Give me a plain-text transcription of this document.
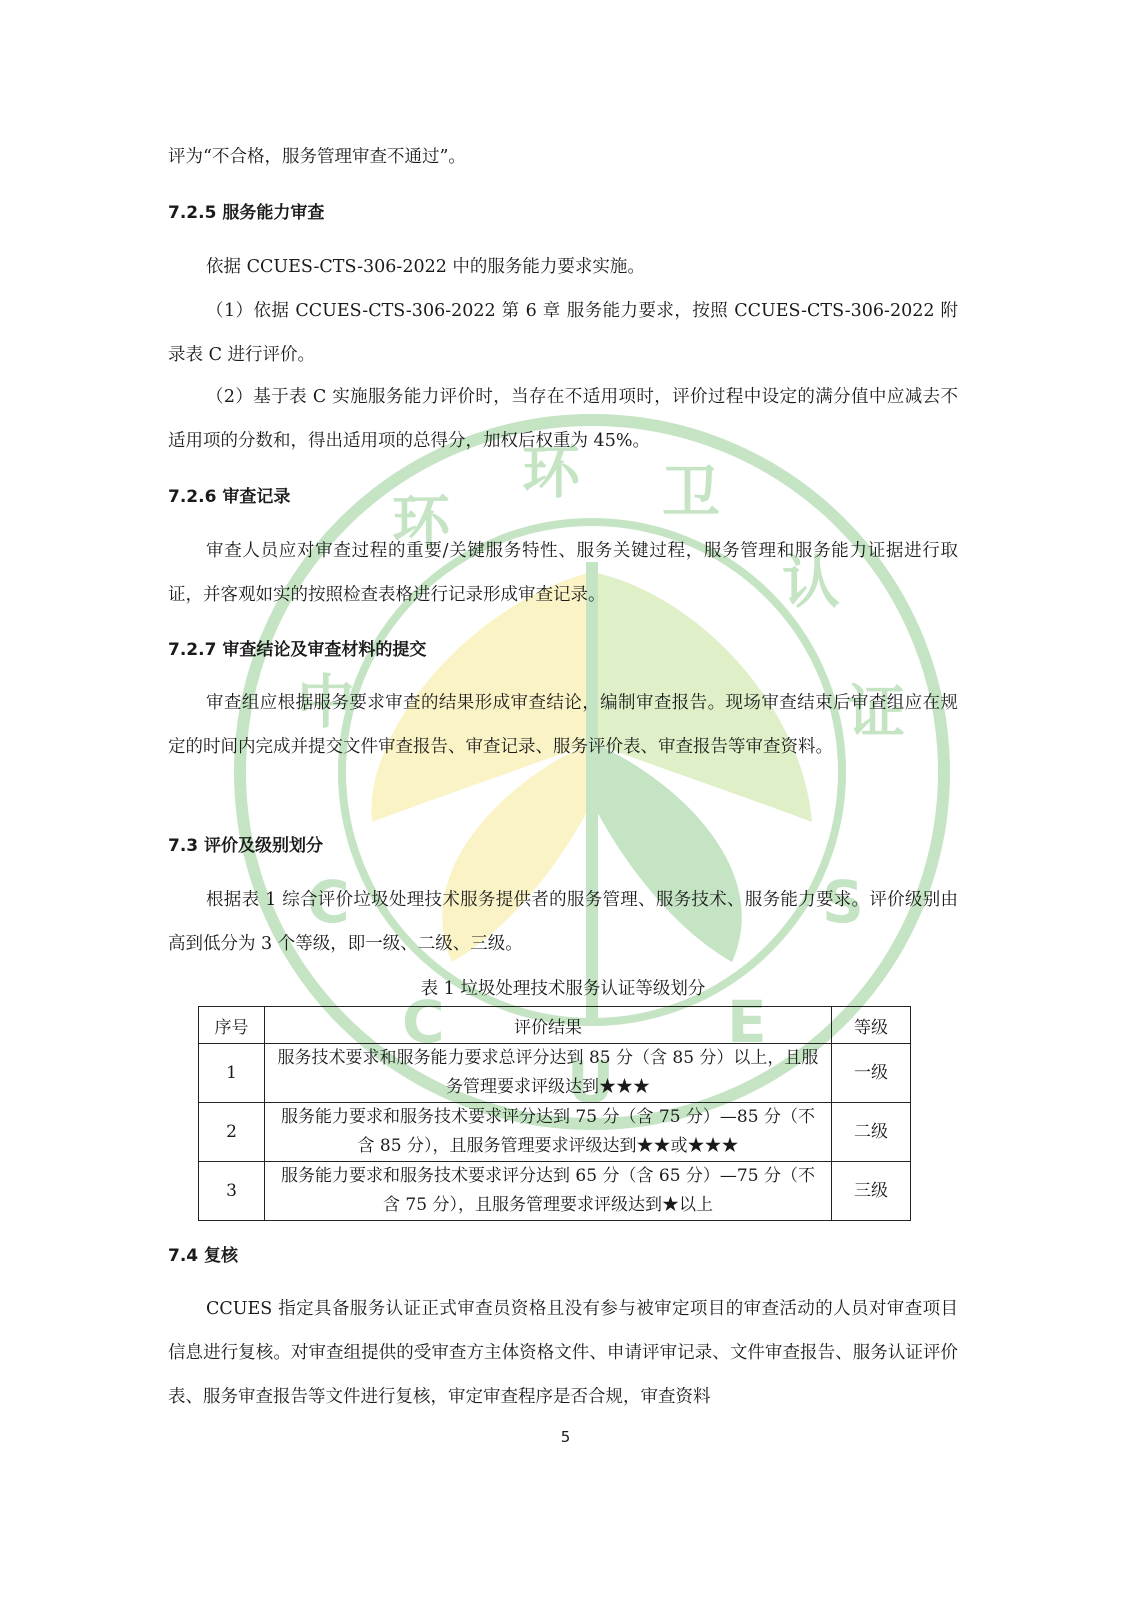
中
环
环 卫
认
证
C
C
U
E
S

评为“不合格，服务管理审查不通过”。

7.2.5 服务能力审查

依据 CCUES-CTS-306-2022 中的服务能力要求实施。

（1）依据 CCUES-CTS-306-2022 第 6 章 服务能力要求，按照 CCUES-CTS-306-2022 附录表 C 进行评价。

（2）基于表 C 实施服务能力评价时，当存在不适用项时，评价过程中设定的满分值中应减去不适用项的分数和，得出适用项的总得分，加权后权重为 45%。

7.2.6 审查记录

审查人员应对审查过程的重要/关键服务特性、服务关键过程，服务管理和服务能力证据进行取证，并客观如实的按照检查表格进行记录形成审查记录。

7.2.7 审查结论及审查材料的提交

审查组应根据服务要求审查的结果形成审查结论，编制审查报告。现场审查结束后审查组应在规定的时间内完成并提交文件审查报告、审查记录、服务评价表、审查报告等审查资料。

7.3 评价及级别划分

根据表 1 综合评价垃圾处理技术服务提供者的服务管理、服务技术、服务能力要求。评价级别由高到低分为 3 个等级，即一级、二级、三级。

表 1 垃圾处理技术服务认证等级划分

序号	评价结果	等级
1	服务技术要求和服务能力要求总评分达到 85 分（含 85 分）以上，且服务管理要求评级达到★★★	一级
2	服务能力要求和服务技术要求评分达到 75 分（含 75 分）—85 分（不含 85 分），且服务管理要求评级达到★★或★★★	二级
3	服务能力要求和服务技术要求评分达到 65 分（含 65 分）—75 分（不含 75 分），且服务管理要求评级达到★以上	三级
7.4 复核

CCUES 指定具备服务认证正式审查员资格且没有参与被审定项目的审查活动的人员对审查项目信息进行复核。对审查组提供的受审查方主体资格文件、申请评审记录、文件审查报告、服务认证评价表、服务审查报告等文件进行复核，审定审查程序是否合规，审查资料

5
